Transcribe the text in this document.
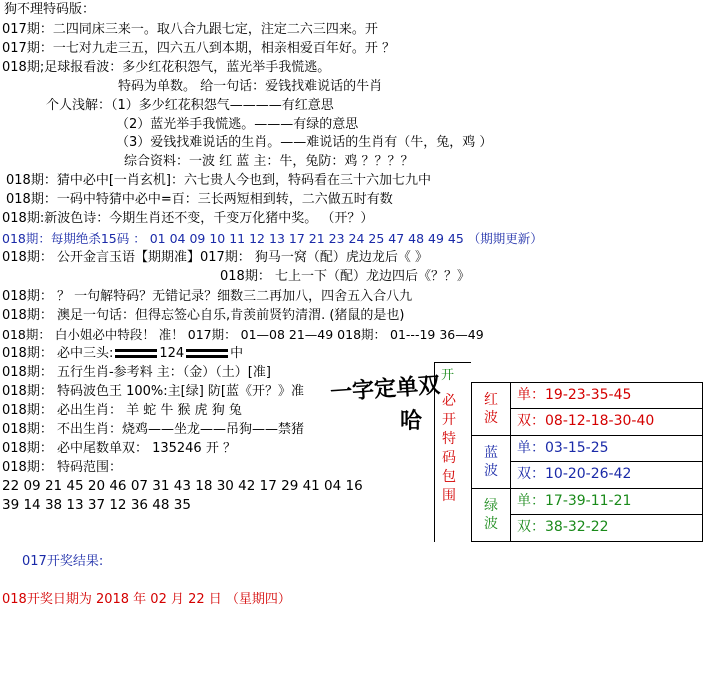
狗不理特码版：
017期：二四同床三来一。取八合九跟七定，注定二六三四来。开
017期：一七对九走三五，四六五八到本期，相亲相爱百年好。开 ？
018期;足球报看波：多少红花积怨气，蓝光举手我慌逃。
特码为单数。 给一句话：爱钱找难说话的牛肖
个人浅解：（1）多少红花积怨气————有红意思
（2）蓝光举手我慌逃。———有绿的意思
（3）爱钱找难说话的生肖。——难说话的生肖有（牛，兔，鸡 ）
综合资料：一波 红 蓝 主：牛，兔防：鸡 ？？？？
018期：猜中必中[一肖玄机]：六七贵人今也到，特码看在三十六加七九中
018期：一码中特猜中必中=百：三长两短相到转，二六做五时有数
018期:新波色诗：今期生肖还不变，千变万化猪中奖。 （开？）
018期：每期绝杀15码 ： 01 04 09 10 11 12 13 17 21 23 24 25 47 48 49 45 （期期更新）
018期： 公开金言玉语【期期准】017期： 狗马一窝（配）虎边龙后《 》
018期： 七上一下（配）龙边四后《？？》
018期： ？ 一句解特码？无错记录？细数三二再加八，四舍五入合八九
018期： 澳足一句话：但得忘签心自乐,肯羡前贤钓清渭. (猪鼠的是也)
018期： 白小姐必中特段！ 准！ 017期： 01—08 21—49 018期： 01---19 36—49
018期： 必中三头:	124	中
018期： 五行生肖-参考料 主：（金）（土）[准]
018期： 特码波色王 100%:主[绿] 防[蓝《开？》准
018期： 必出生肖： 羊 蛇 牛 猴 虎 狗 兔
018期： 不出生肖：烧鸡——坐龙——吊狗——禁猪
018期： 必中尾数单双： 135246 开 ？
018期： 特码范围：
22 09 21 45 20 46 07 31 43 18 30 42 17 29 41 04 16
39 14 38 13 37 12 36 48 35
一字定单双
哈
开
必
开
特
码
包
围
红
波
单：19-23-35-45
双：08-12-18-30-40
蓝
波
单：03-15-25
双：10-20-26-42
绿
波
单：17-39-11-21
双：38-32-22
017开奖结果:
018开奖日期为 2018 年 02 月 22 日 （星期四）
